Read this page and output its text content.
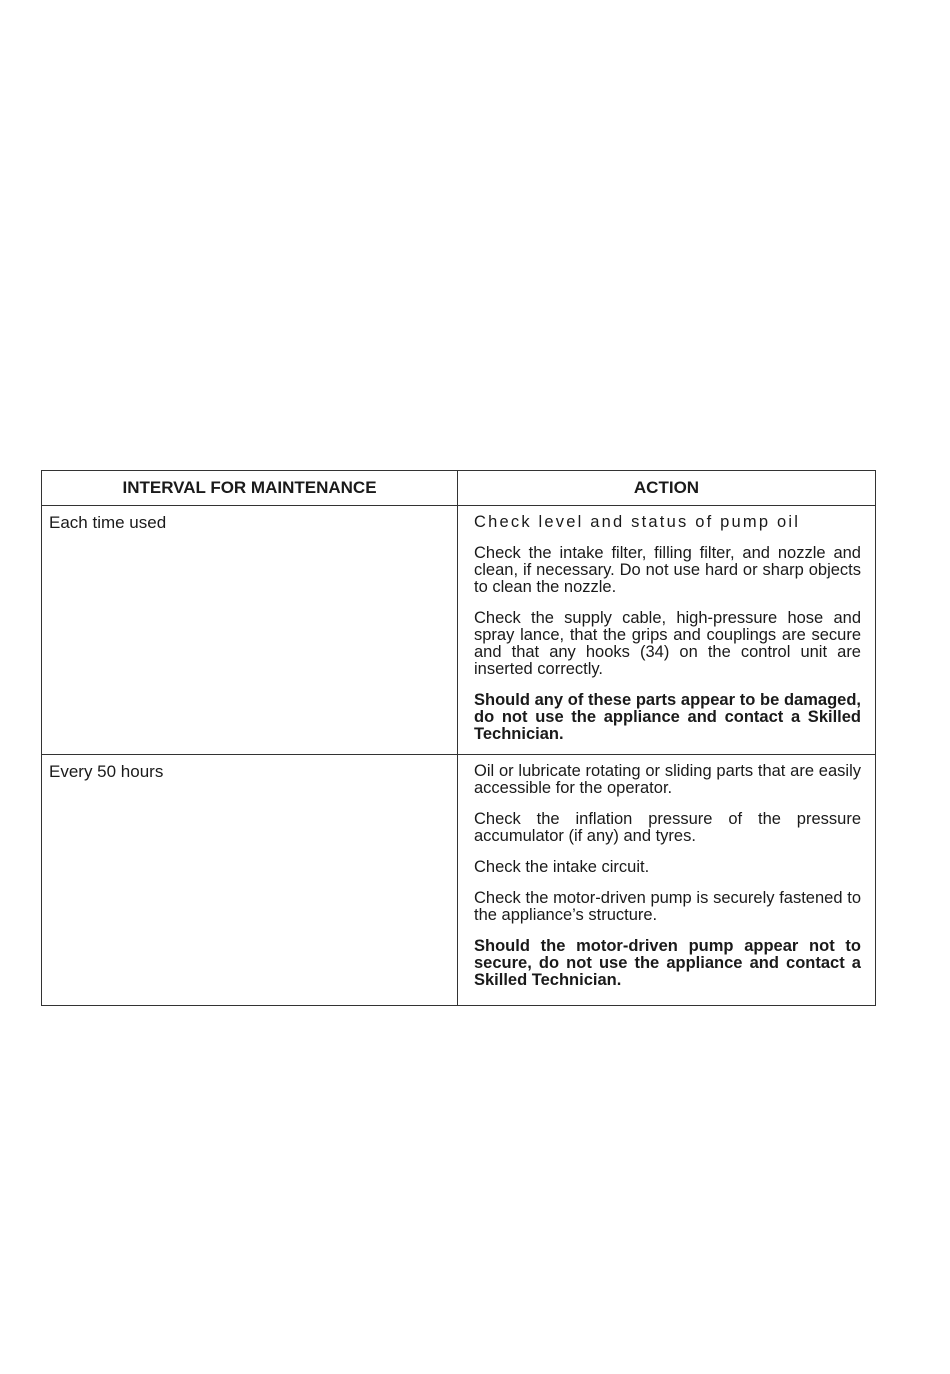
INTERVAL FOR MAINTENANCE	ACTION
Each time used	Check level and status of pump oil

Check the intake filter, filling filter, and nozzle and clean, if necessary. Do not use hard or sharp objects to clean the nozzle.

Check the supply cable, high-pressure hose and spray lance, that the grips and couplings are secure and that any hooks (34) on the control unit are inserted correctly.

Should any of these parts appear to be damaged, do not use the appliance and contact a Skilled Technician.

Every 50 hours	Oil or lubricate rotating or sliding parts that are easily accessible for the operator.

Check the inflation pressure of the pressure accumulator (if any) and tyres.

Check the intake circuit.

Check the motor-driven pump is securely fastened to the appliance’s structure.

Should the motor-driven pump appear not to secure, do not use the appliance and contact a Skilled Technician.
